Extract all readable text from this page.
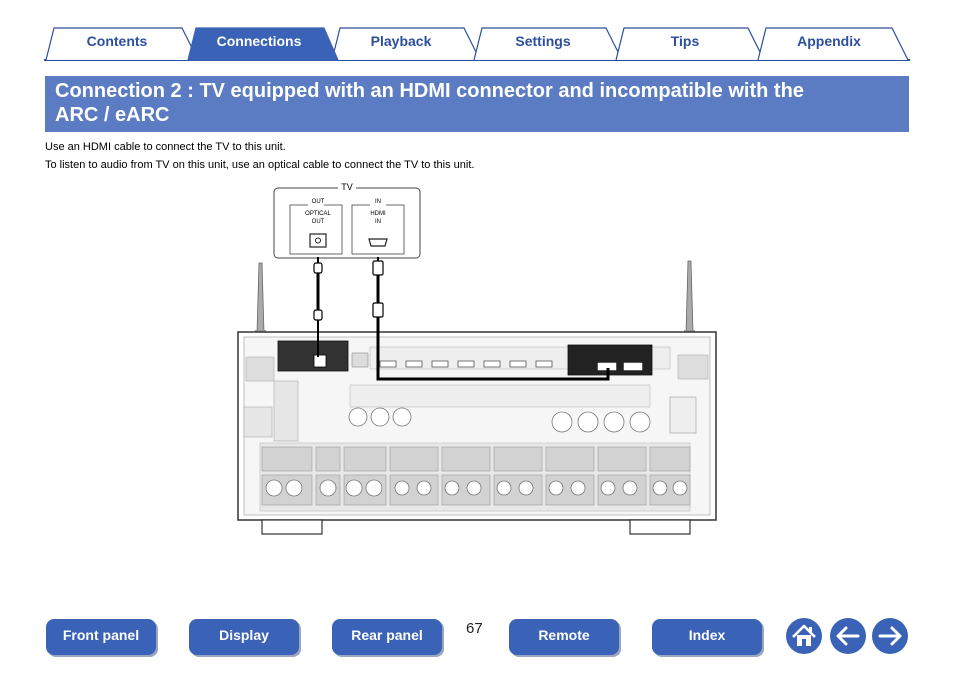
Contents	Connections	Playback	Settings	Tips	Appendix
Connection 2 : TV equipped with an HDMI connector and incompatible with the
ARC / eARC
Use an HDMI cable to connect the TV to this unit.
To listen to audio from TV on this unit, use an optical cable to connect the TV to this unit.
TV
OUT
OPTICAL
OUT
IN
HDMI
IN
Front panel	Display	Rear panel	67	Remote	Index
